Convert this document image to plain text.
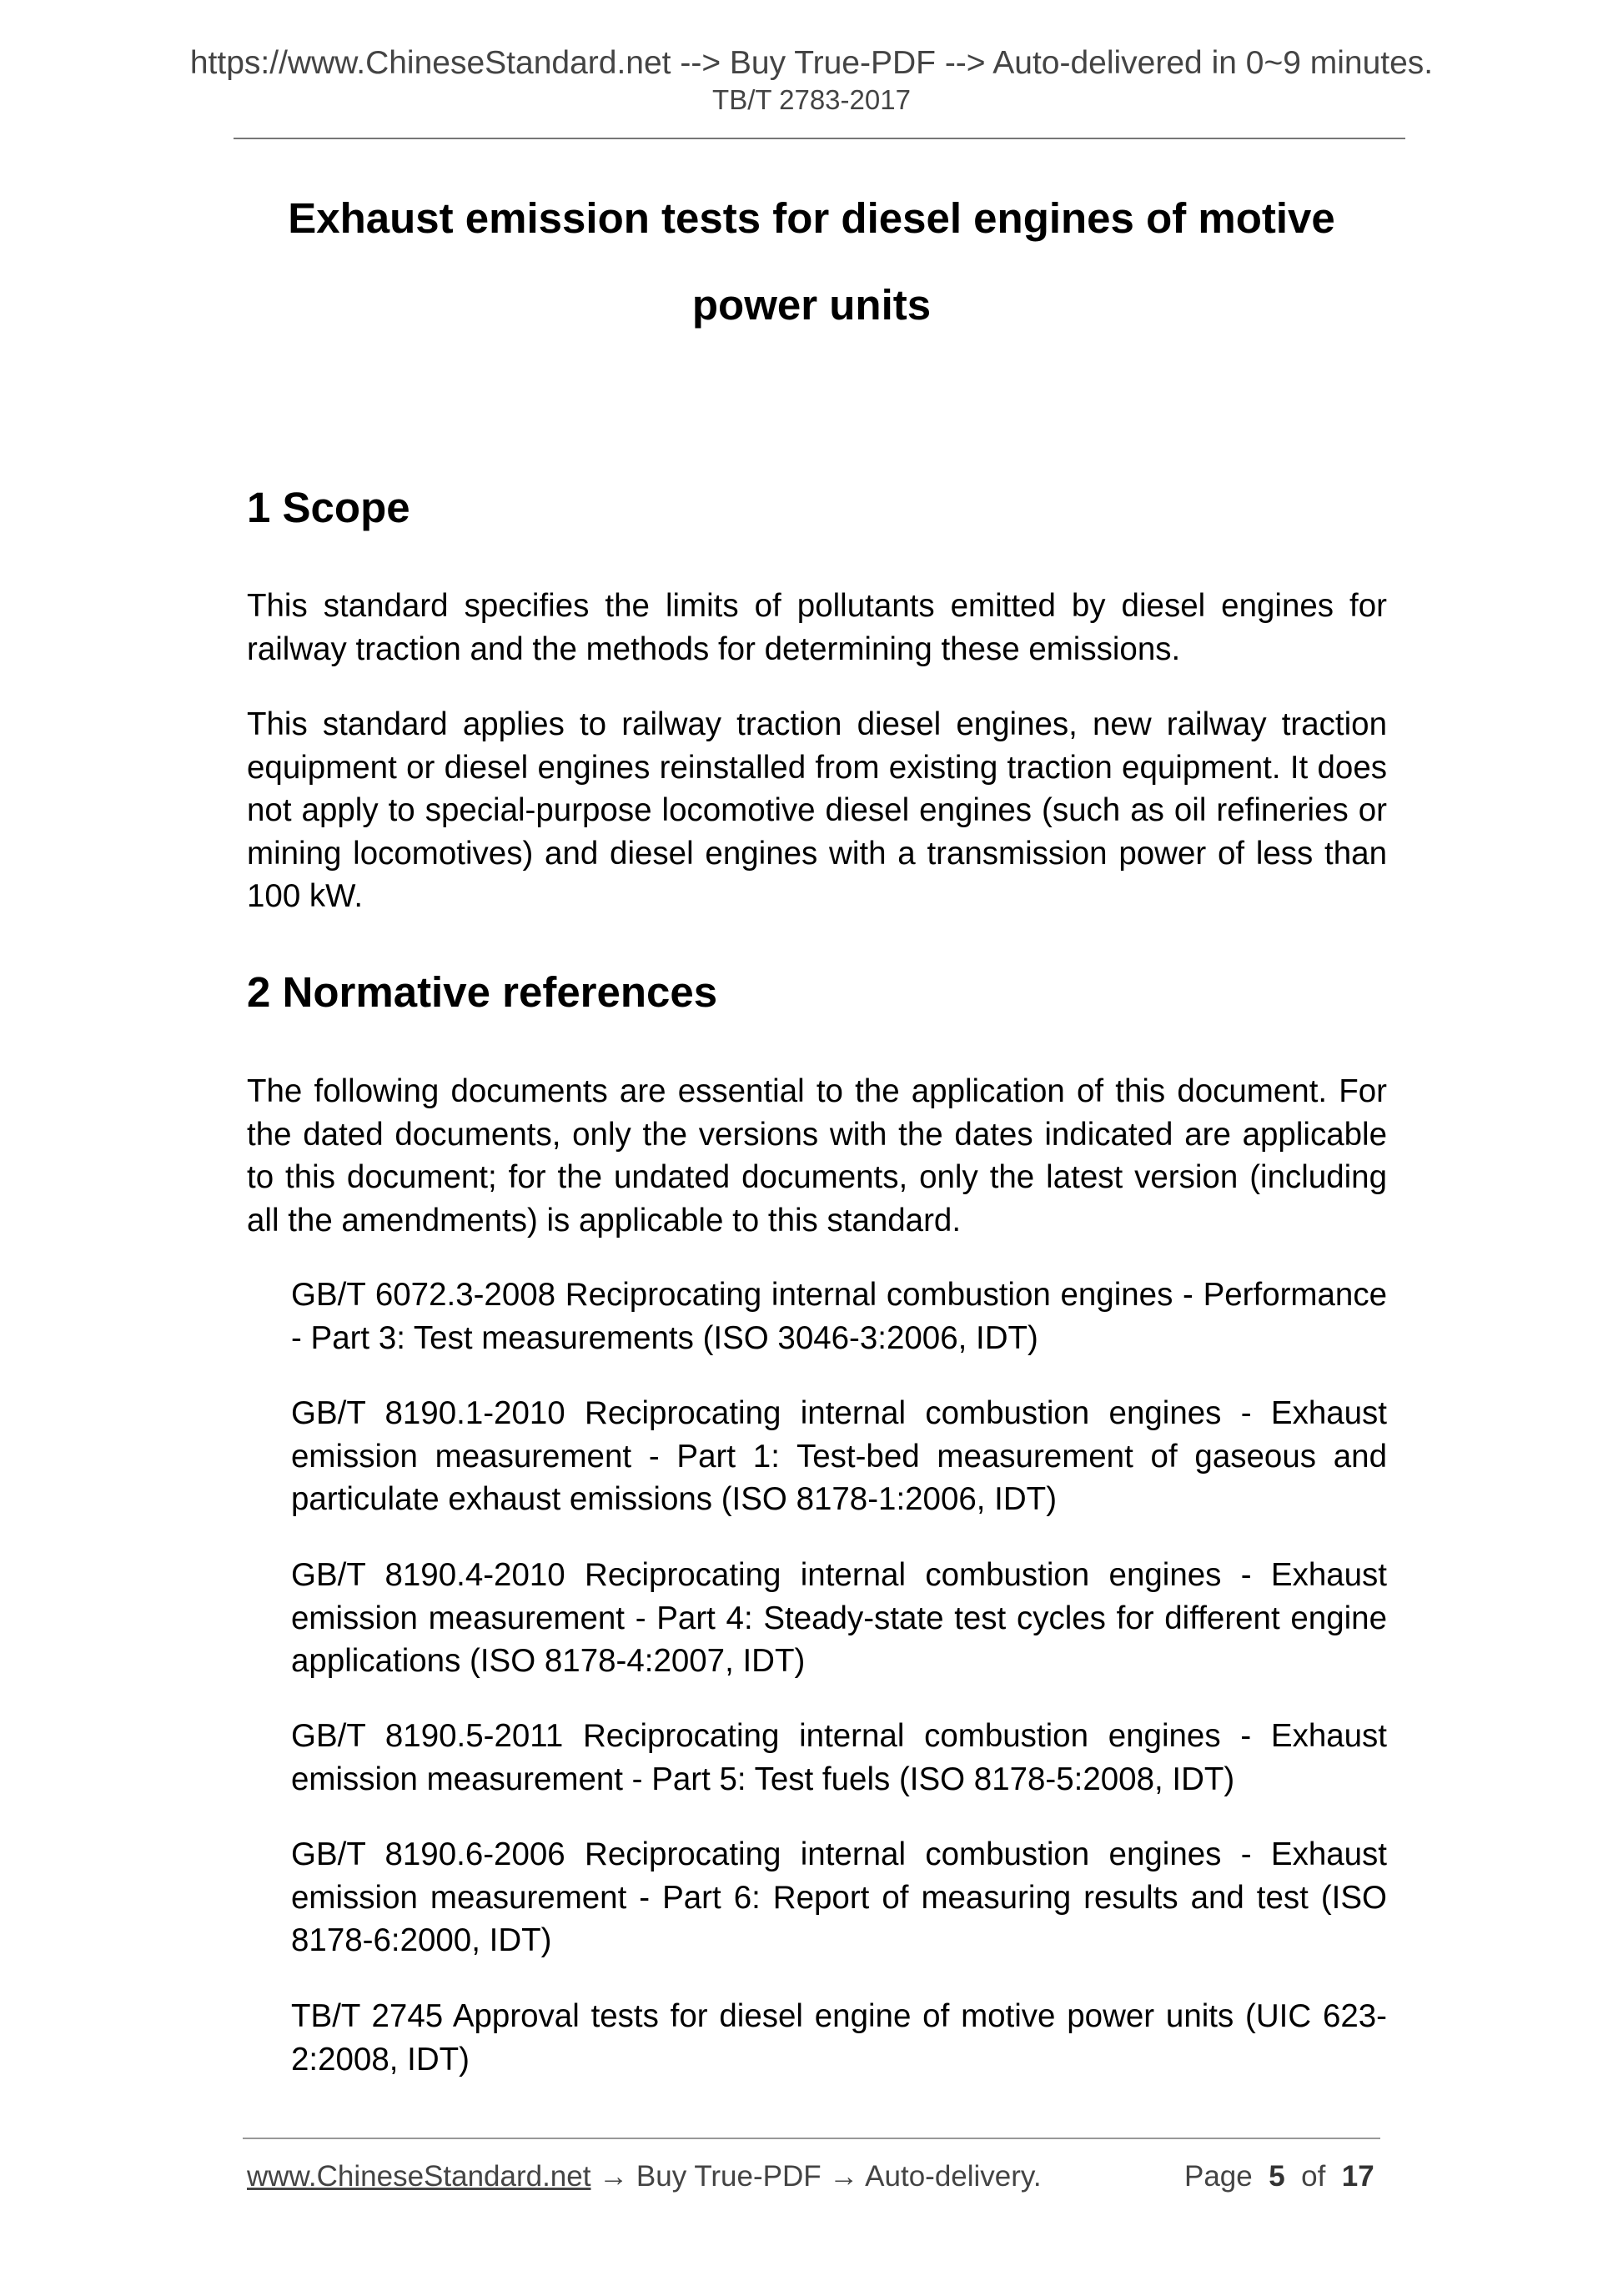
https://www.ChineseStandard.net --> Buy True-PDF --> Auto-delivered in 0~9 minutes.
TB/T 2783-2017
Exhaust emission tests for diesel engines of motive
power units
1 Scope
This standard specifies the limits of pollutants emitted by diesel engines for railway traction and the methods for determining these emissions.
This standard applies to railway traction diesel engines, new railway traction equipment or diesel engines reinstalled from existing traction equipment. It does not apply to special-purpose locomotive diesel engines (such as oil refineries or mining locomotives) and diesel engines with a transmission power of less than 100 kW.
2 Normative references
The following documents are essential to the application of this document. For the dated documents, only the versions with the dates indicated are applicable to this document; for the undated documents, only the latest version (including all the amendments) is applicable to this standard.
GB/T 6072.3-2008 Reciprocating internal combustion engines - Performance - Part 3: Test measurements (ISO 3046-3:2006, IDT)
GB/T 8190.1-2010 Reciprocating internal combustion engines - Exhaust emission measurement - Part 1: Test-bed measurement of gaseous and particulate exhaust emissions (ISO 8178-1:2006, IDT)
GB/T 8190.4-2010 Reciprocating internal combustion engines - Exhaust emission measurement - Part 4: Steady-state test cycles for different engine applications (ISO 8178-4:2007, IDT)
GB/T 8190.5-2011 Reciprocating internal combustion engines - Exhaust emission measurement - Part 5: Test fuels (ISO 8178-5:2008, IDT)
GB/T 8190.6-2006 Reciprocating internal combustion engines - Exhaust emission measurement - Part 6: Report of measuring results and test (ISO 8178-6:2000, IDT)
TB/T 2745 Approval tests for diesel engine of motive power units (UIC 623-2:2008, IDT)
www.ChineseStandard.net → Buy True-PDF → Auto-delivery.	Page 5 of 17
